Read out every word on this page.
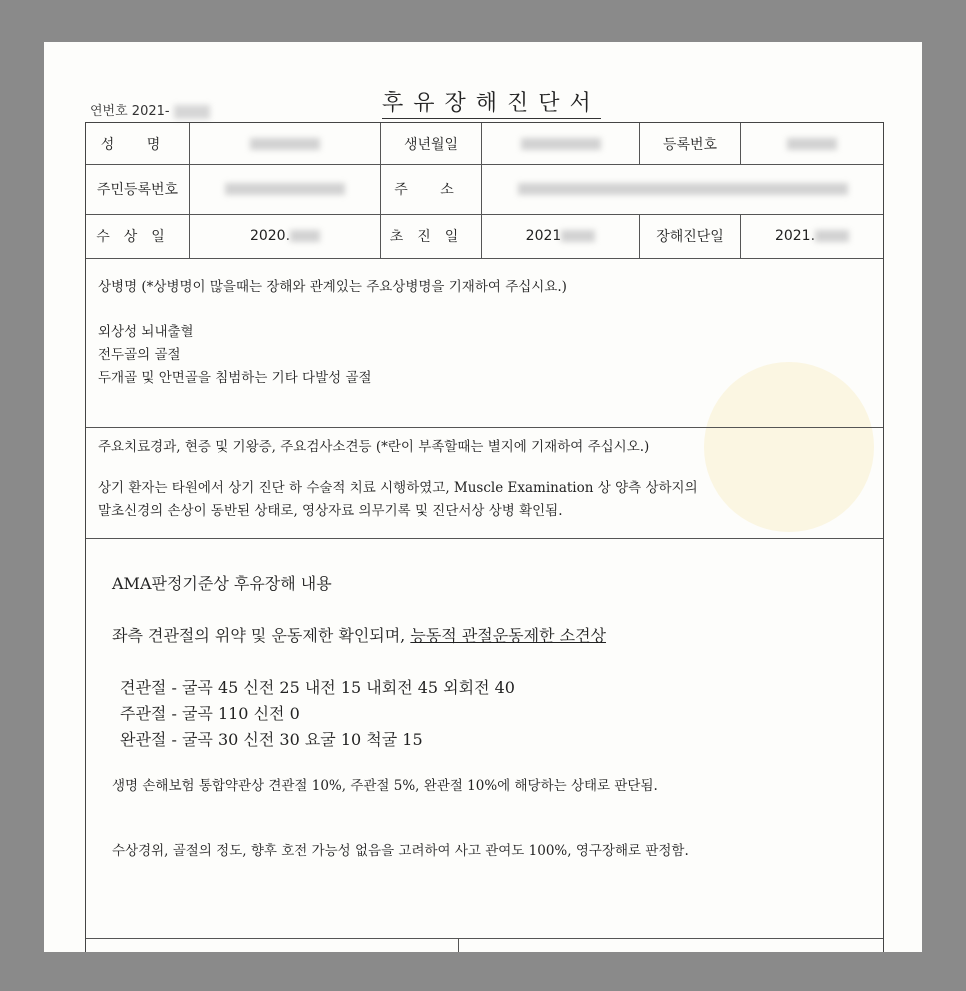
연번호 2021-	후유장해진단서
성 명	생년월일	등록번호
주민등록번호	주 소
수상일	2020.	초진일	2021	장해진단일	2021.

상병명 (*상병명이 많을때는 장해와 관계있는 주요상병명을 기재하여 주십시요.)

외상성 뇌내출혈

전두골의 골절

두개골 및 안면골을 침범하는 기타 다발성 골절

주요치료경과, 현증 및 기왕증, 주요검사소견등 (*란이 부족할때는 별지에 기재하여 주십시오.)

상기 환자는 타원에서 상기 진단 하 수술적 치료 시행하였고, Muscle Examination 상 양측 상하지의

말초신경의 손상이 동반된 상태로, 영상자료 의무기록 및 진단서상 상병 확인됨.

AMA판정기준상 후유장해 내용

좌측 견관절의 위약 및 운동제한 확인되며, 능동적 관절운동제한 소견상

견관절 - 굴곡 45 신전 25 내전 15 내회전 45 외회전 40

주관절 - 굴곡 110 신전 0

완관절 - 굴곡 30 신전 30 요굴 10 척굴 15

생명 손해보험 통합약관상 견관절 10%, 주관절 5%, 완관절 10%에 해당하는 상태로 판단됨.

수상경위, 골절의 정도, 향후 호전 가능성 없음을 고려하여 사고 관여도 100%, 영구장해로 판정함.
